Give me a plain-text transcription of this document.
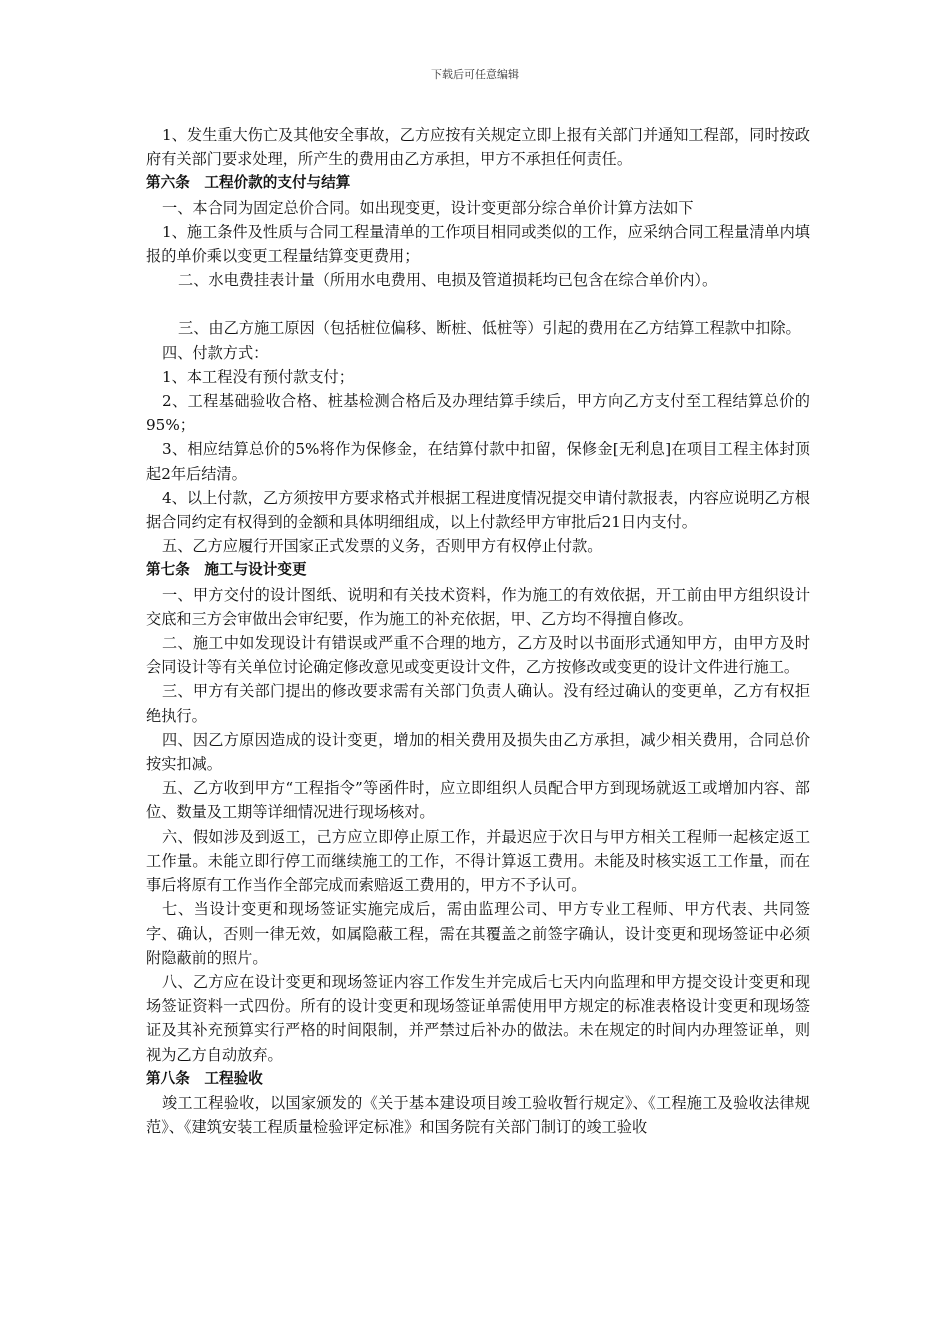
下载后可任意编辑

1、发生重大伤亡及其他安全事故，乙方应按有关规定立即上报有关部门并通知工程部，同时按政府有关部门要求处理，所产生的费用由乙方承担，甲方不承担任何责任。

第六条　工程价款的支付与结算

一、本合同为固定总价合同。如出现变更，设计变更部分综合单价计算方法如下

1、施工条件及性质与合同工程量清单的工作项目相同或类似的工作，应采纳合同工程量清单内填报的单价乘以变更工程量结算变更费用；

二、水电费挂表计量（所用水电费用、电损及管道损耗均已包含在综合单价内）。

三、由乙方施工原因（包括桩位偏移、断桩、低桩等）引起的费用在乙方结算工程款中扣除。

四、付款方式：

1、本工程没有预付款支付；

2、工程基础验收合格、桩基检测合格后及办理结算手续后，甲方向乙方支付至工程结算总价的95%；

3、相应结算总价的5%将作为保修金，在结算付款中扣留，保修金[无利息]在项目工程主体封顶起2年后结清。

4、以上付款，乙方须按甲方要求格式并根据工程进度情况提交申请付款报表，内容应说明乙方根据合同约定有权得到的金额和具体明细组成，以上付款经甲方审批后21日内支付。

五、乙方应履行开国家正式发票的义务，否则甲方有权停止付款。

第七条　施工与设计变更

一、甲方交付的设计图纸、说明和有关技术资料，作为施工的有效依据，开工前由甲方组织设计交底和三方会审做出会审纪要，作为施工的补充依据，甲、乙方均不得擅自修改。

二、施工中如发现设计有错误或严重不合理的地方，乙方及时以书面形式通知甲方，由甲方及时会同设计等有关单位讨论确定修改意见或变更设计文件，乙方按修改或变更的设计文件进行施工。

三、甲方有关部门提出的修改要求需有关部门负责人确认。没有经过确认的变更单，乙方有权拒绝执行。

四、因乙方原因造成的设计变更，增加的相关费用及损失由乙方承担，减少相关费用，合同总价按实扣减。

五、乙方收到甲方“工程指令”等函件时，应立即组织人员配合甲方到现场就返工或增加内容、部位、数量及工期等详细情况进行现场核对。

六、假如涉及到返工，己方应立即停止原工作，并最迟应于次日与甲方相关工程师一起核定返工工作量。未能立即行停工而继续施工的工作，不得计算返工费用。未能及时核实返工工作量，而在事后将原有工作当作全部完成而索赔返工费用的，甲方不予认可。

七、当设计变更和现场签证实施完成后，需由监理公司、甲方专业工程师、甲方代表、共同签字、确认，否则一律无效，如属隐蔽工程，需在其覆盖之前签字确认，设计变更和现场签证中必须附隐蔽前的照片。

八、乙方应在设计变更和现场签证内容工作发生并完成后七天内向监理和甲方提交设计变更和现场签证资料一式四份。所有的设计变更和现场签证单需使用甲方规定的标准表格设计变更和现场签证及其补充预算实行严格的时间限制，并严禁过后补办的做法。未在规定的时间内办理签证单，则视为乙方自动放弃。

第八条　工程验收

竣工工程验收，以国家颁发的《关于基本建设项目竣工验收暂行规定》、《工程施工及验收法律规范》、《建筑安装工程质量检验评定标准》和国务院有关部门制订的竣工验收
